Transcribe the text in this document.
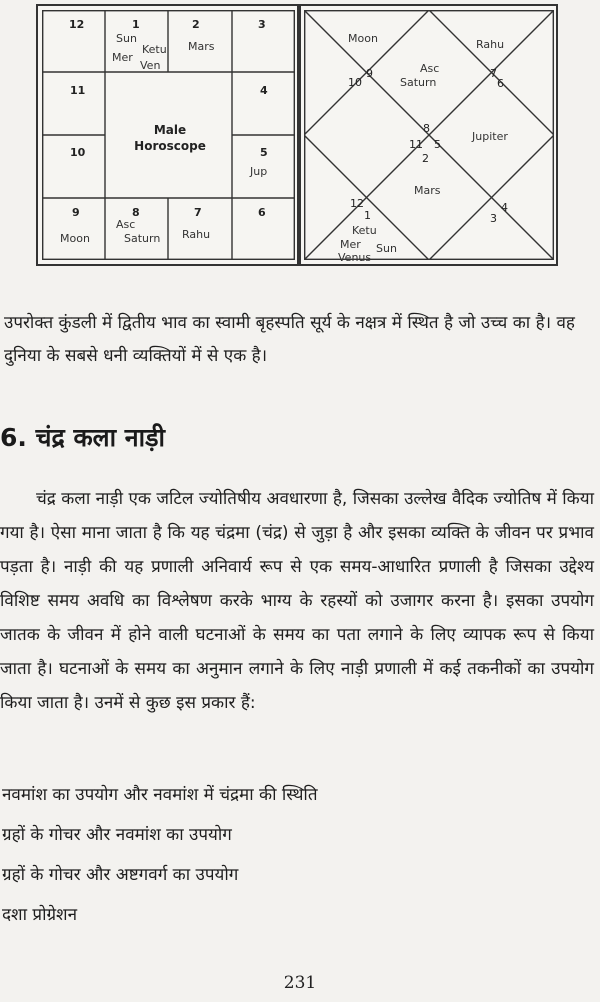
12	1
Sun
Ketu
Mer
Ven
2
Mars
3
4
5
Jup
6
7
Rahu
8
Asc
Saturn
9
Moon
10
11
Male
Horoscope
Moon	Rahu
9
10
Asc
Saturn
7
6
8
11 5
2
Jupiter
Mars
12
1
4
3
Ketu
Mer Sun
Venus
उपरोक्त कुंडली में द्वितीय भाव का स्वामी बृहस्पति सूर्य के नक्षत्र में स्थित है जो उच्च का है। वह दुनिया के सबसे धनी व्यक्तियों में से एक है।
6. चंद्र कला नाड़ी
चंद्र कला नाड़ी एक जटिल ज्योतिषीय अवधारणा है, जिसका उल्लेख वैदिक ज्योतिष में किया गया है। ऐसा माना जाता है कि यह चंद्रमा (चंद्र) से जुड़ा है और इसका व्यक्ति के जीवन पर प्रभाव पड़ता है। नाड़ी की यह प्रणाली अनिवार्य रूप से एक समय-आधारित प्रणाली है जिसका उद्देश्य विशिष्ट समय अवधि का विश्लेषण करके भाग्य के रहस्यों को उजागर करना है। इसका उपयोग जातक के जीवन में होने वाली घटनाओं के समय का पता लगाने के लिए व्यापक रूप से किया जाता है। घटनाओं के समय का अनुमान लगाने के लिए नाड़ी प्रणाली में कई तकनीकों का उपयोग किया जाता है। उनमें से कुछ इस प्रकार हैं:
नवमांश का उपयोग और नवमांश में चंद्रमा की स्थिति
ग्रहों के गोचर और नवमांश का उपयोग
ग्रहों के गोचर और अष्टगवर्ग का उपयोग
दशा प्रोग्रेशन
231
